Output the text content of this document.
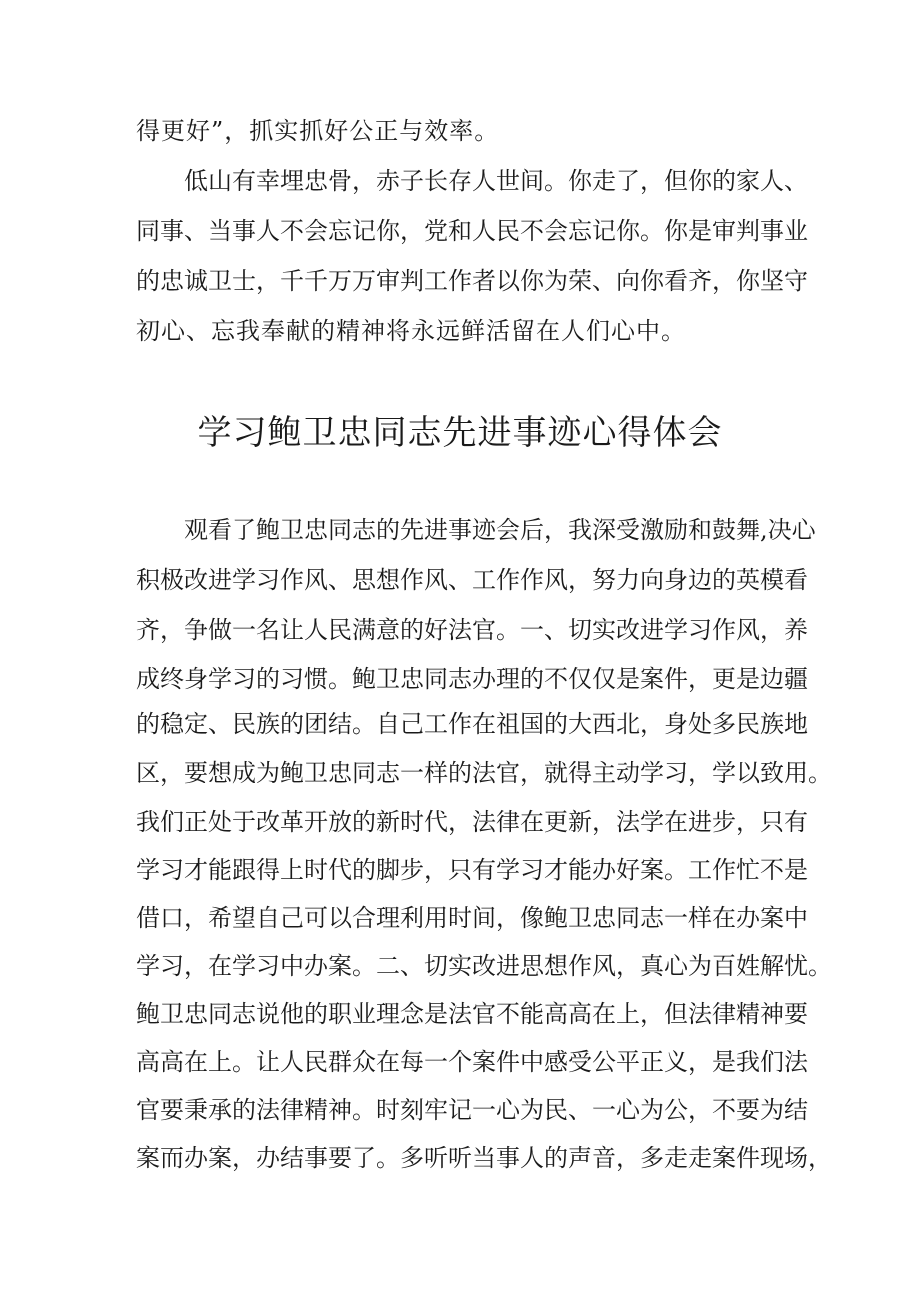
得更好”，抓实抓好公正与效率。
低山有幸埋忠骨，赤子长存人世间。你走了，但你的家人、
同事、当事人不会忘记你，党和人民不会忘记你。你是审判事业
的忠诚卫士，千千万万审判工作者以你为荣、向你看齐，你坚守
初心、忘我奉献的精神将永远鲜活留在人们心中。
学习鲍卫忠同志先进事迹心得体会
观看了鲍卫忠同志的先进事迹会后，我深受激励和鼓舞,决心
积极改进学习作风、思想作风、工作作风，努力向身边的英模看
齐，争做一名让人民满意的好法官。一、切实改进学习作风，养
成终身学习的习惯。鲍卫忠同志办理的不仅仅是案件，更是边疆
的稳定、民族的团结。自己工作在祖国的大西北，身处多民族地
区，要想成为鲍卫忠同志一样的法官，就得主动学习，学以致用。
我们正处于改革开放的新时代，法律在更新，法学在进步，只有
学习才能跟得上时代的脚步，只有学习才能办好案。工作忙不是
借口，希望自己可以合理利用时间，像鲍卫忠同志一样在办案中
学习，在学习中办案。二、切实改进思想作风，真心为百姓解忧。
鲍卫忠同志说他的职业理念是法官不能高高在上，但法律精神要
高高在上。让人民群众在每一个案件中感受公平正义，是我们法
官要秉承的法律精神。时刻牢记一心为民、一心为公，不要为结
案而办案，办结事要了。多听听当事人的声音，多走走案件现场，
